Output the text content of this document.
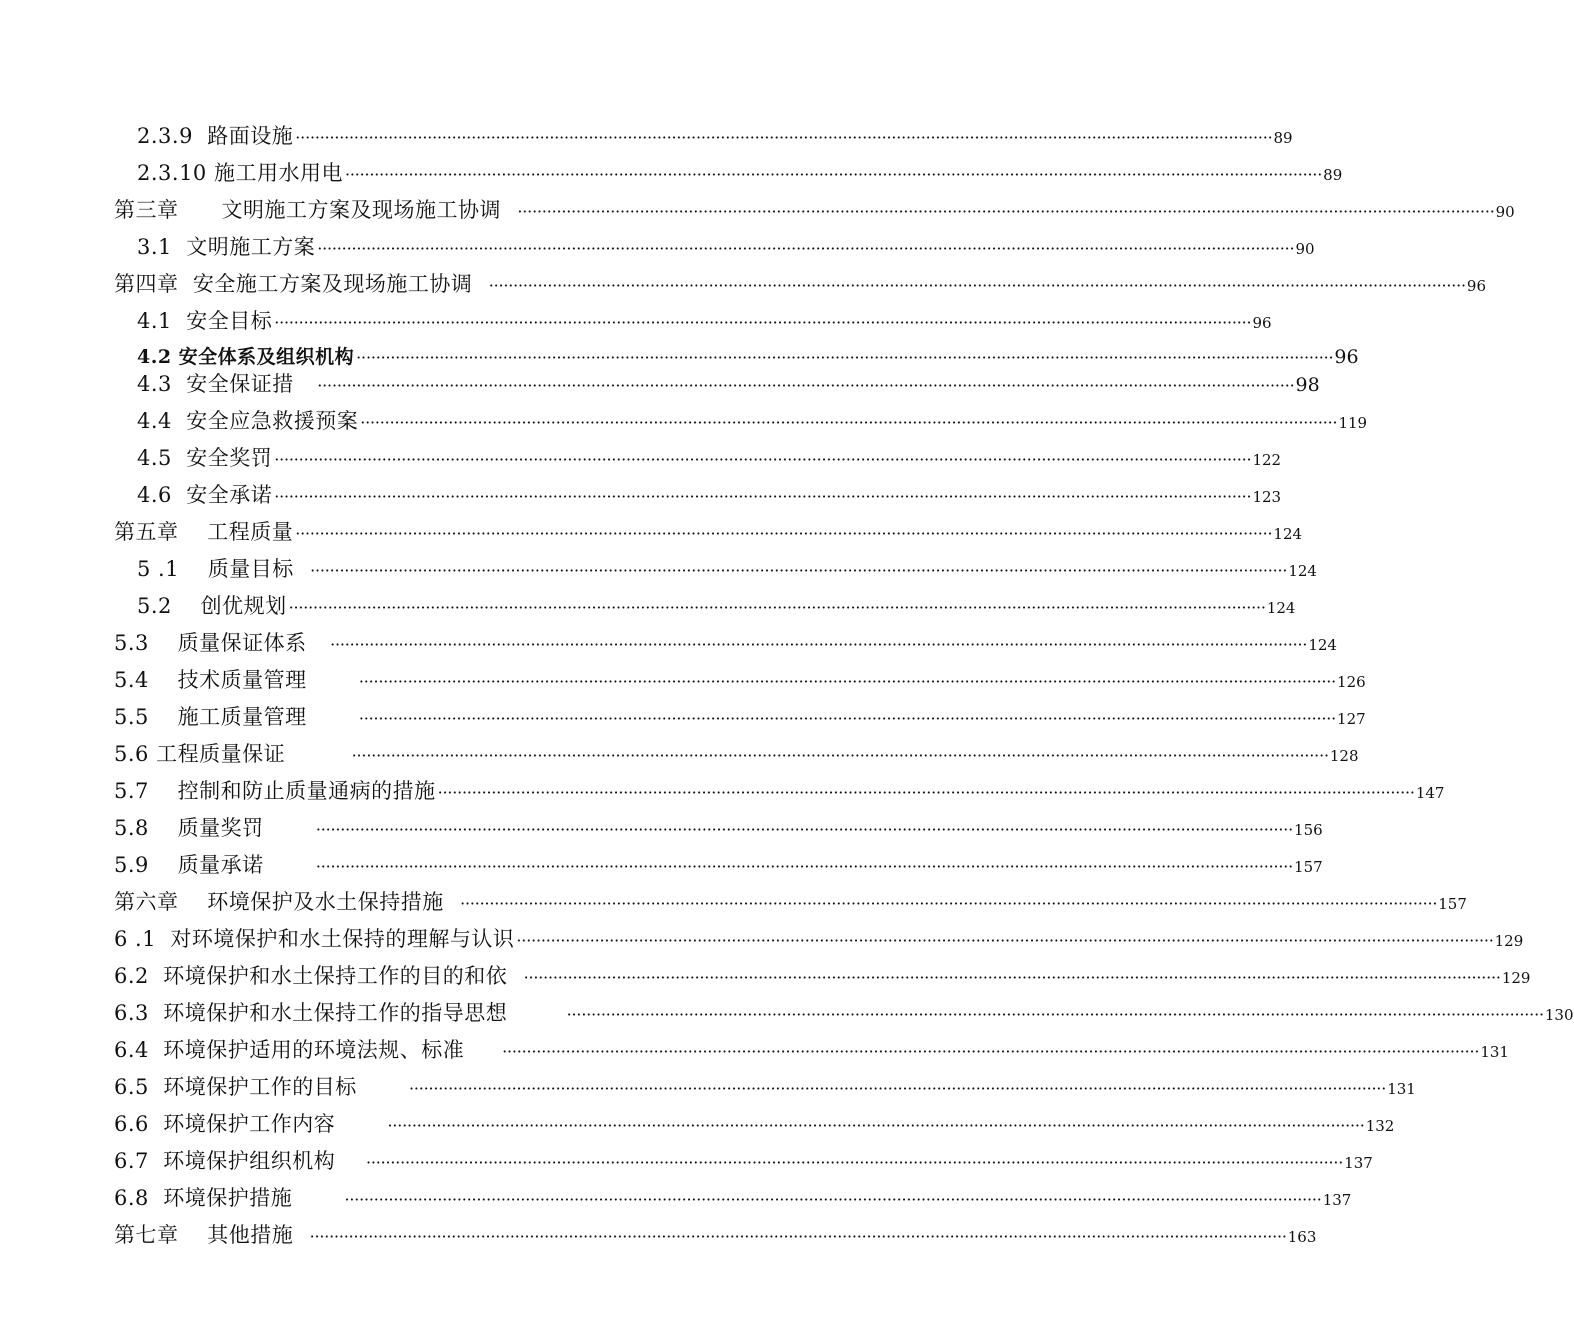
2.3.9  路面设施 ········································································································································································································ 89
2.3.10 施工用水用电 ········································································································································································································ 89
第三章      文明施工方案及现场施工协调 ········································································································································································································ 90
3.1  文明施工方案 ········································································································································································································ 90
第四章  安全施工方案及现场施工协调 ········································································································································································································ 96
4.1  安全目标 ········································································································································································································ 96
4.2 安全体系及组织机构 ········································································································································································································ 96
4.3  安全保证措 ········································································································································································································ 98
4.4  安全应急救援预案 ········································································································································································································ 119
4.5  安全奖罚 ········································································································································································································ 122
4.6  安全承诺 ········································································································································································································ 123
第五章    工程质量 ········································································································································································································ 124
5 .1    质量目标 ········································································································································································································ 124
5.2    创优规划 ········································································································································································································ 124
5.3    质量保证体系 ········································································································································································································ 124
5.4    技术质量管理 ········································································································································································································ 126
5.5    施工质量管理 ········································································································································································································ 127
5.6 工程质量保证 ········································································································································································································ 128
5.7    控制和防止质量通病的措施 ········································································································································································································ 147
5.8    质量奖罚 ········································································································································································································ 156
5.9    质量承诺 ········································································································································································································ 157
第六章    环境保护及水土保持措施 ········································································································································································································ 157
6 .1  对环境保护和水土保持的理解与认识 ········································································································································································································ 129
6.2  环境保护和水土保持工作的目的和依 ········································································································································································································ 129
6.3  环境保护和水土保持工作的指导思想 ········································································································································································································ 130
6.4  环境保护适用的环境法规、标准 ········································································································································································································ 131
6.5  环境保护工作的目标 ········································································································································································································ 131
6.6  环境保护工作内容 ········································································································································································································ 132
6.7  环境保护组织机构 ········································································································································································································ 137
6.8  环境保护措施 ········································································································································································································ 137
第七章    其他措施 ········································································································································································································ 163
